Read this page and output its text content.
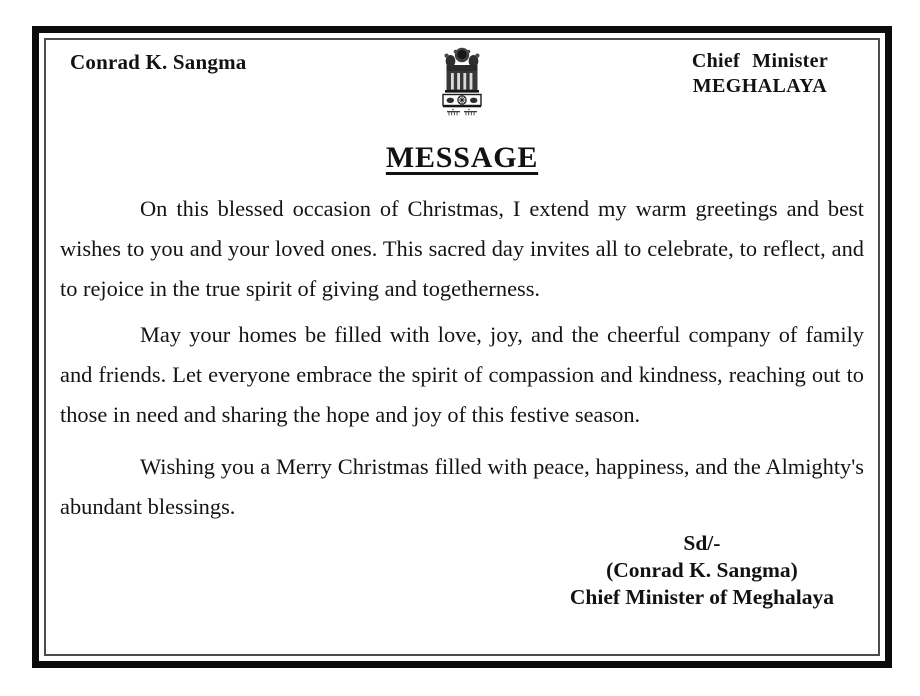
Conrad K. Sangma	Chief Minister
MEGHALAYA
MESSAGE

On this blessed occasion of Christmas, I extend my warm greetings and best wishes to you and your loved ones. This sacred day invites all to celebrate, to reflect, and to rejoice in the true spirit of giving and togetherness.

May your homes be filled with love, joy, and the cheerful company of family and friends. Let everyone embrace the spirit of compassion and kindness, reaching out to those in need and sharing the hope and joy of this festive season.

Wishing you a Merry Christmas filled with peace, happiness, and the Almighty's abundant blessings.

Sd/-
(Conrad K. Sangma)
Chief Minister of Meghalaya
